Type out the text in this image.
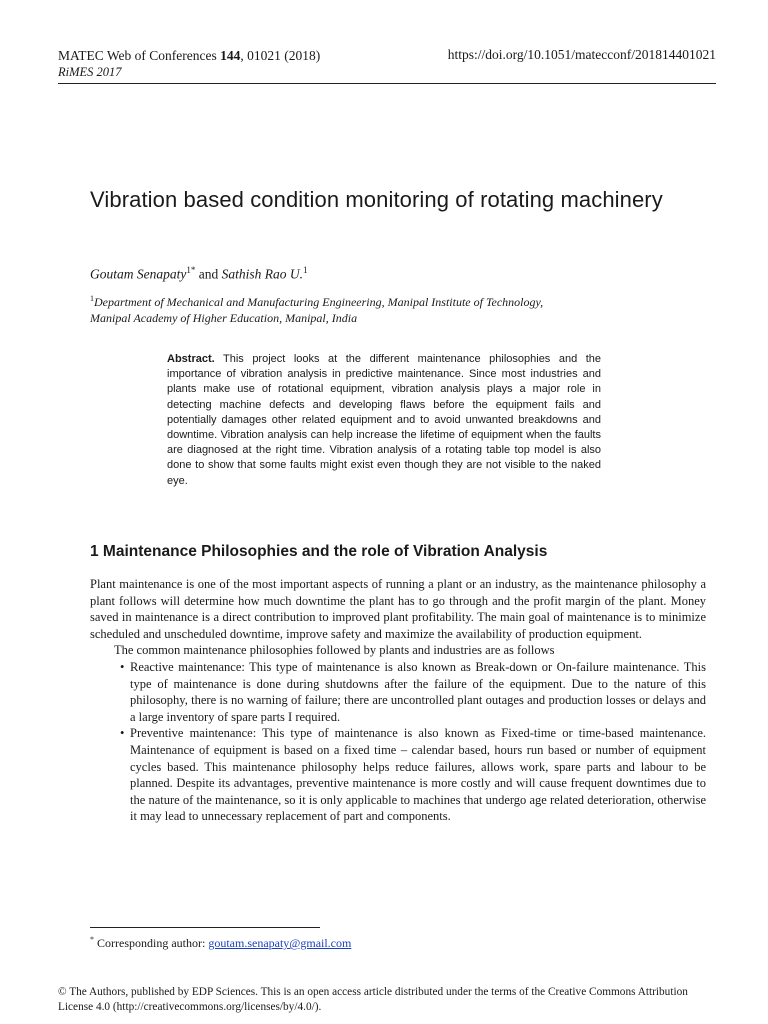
MATEC Web of Conferences 144, 01021 (2018)
RiMES 2017
https://doi.org/10.1051/matecconf/201814401021
Vibration based condition monitoring of rotating machinery
Goutam Senapaty$^{1*}$ and Sathish Rao U.$^1$
$^1$Department of Mechanical and Manufacturing Engineering, Manipal Institute of Technology,
Manipal Academy of Higher Education, Manipal, India

Abstract. This project looks at the different maintenance philosophies and the importance of vibration analysis in predictive maintenance. Since most industries and plants make use of rotational equipment, vibration analysis plays a major role in detecting machine defects and developing flaws before the equipment fails and potentially damages other related equipment and to avoid unwanted breakdowns and downtime. Vibration analysis can help increase the lifetime of equipment when the faults are diagnosed at the right time. Vibration analysis of a rotating table top model is also done to show that some faults might exist even though they are not visible to the naked eye.

1 Maintenance Philosophies and the role of Vibration Analysis

Plant maintenance is one of the most important aspects of running a plant or an industry, as the maintenance philosophy a plant follows will determine how much downtime the plant has to go through and the profit margin of the plant. Money saved in maintenance is a direct contribution to improved plant profitability. The main goal of maintenance is to minimize scheduled and unscheduled downtime, improve safety and maximize the availability of production equipment.

The common maintenance philosophies followed by plants and industries are as follows

• Reactive maintenance: This type of maintenance is also known as Break-down or On-failure maintenance. This type of maintenance is done during shutdowns after the failure of the equipment. Due to the nature of this philosophy, there is no warning of failure; there are uncontrolled plant outages and production losses or delays and a large inventory of spare parts I required.
• Preventive maintenance: This type of maintenance is also known as Fixed-time or time-based maintenance. Maintenance of equipment is based on a fixed time – calendar based, hours run based or number of equipment cycles based. This maintenance philosophy helps reduce failures, allows work, spare parts and labour to be planned. Despite its advantages, preventive maintenance is more costly and will cause frequent downtimes due to the nature of the maintenance, so it is only applicable to machines that undergo age related deterioration, otherwise it may lead to unnecessary replacement of part and components.
* Corresponding author: goutam.senapaty@gmail.com
© The Authors, published by EDP Sciences. This is an open access article distributed under the terms of the Creative Commons Attribution License 4.0 (http://creativecommons.org/licenses/by/4.0/).
